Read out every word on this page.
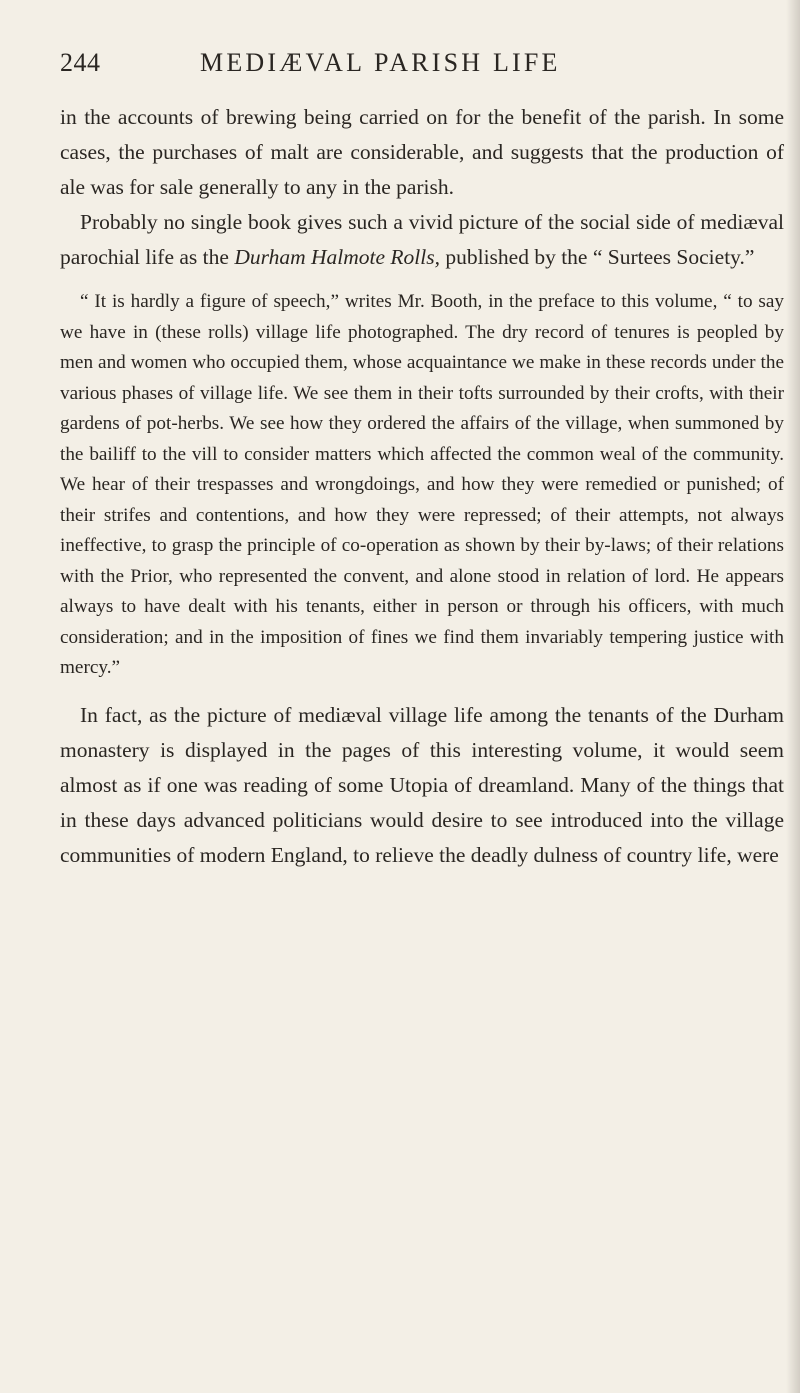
244	MEDIÆVAL PARISH LIFE

in the accounts of brewing being carried on for the benefit of the parish. In some cases, the purchases of malt are considerable, and suggests that the production of ale was for sale generally to any in the parish.

Probably no single book gives such a vivid picture of the social side of mediæval parochial life as the Durham Halmote Rolls, published by the “ Surtees Society.”

“ It is hardly a figure of speech,” writes Mr. Booth, in the preface to this volume, “ to say we have in (these rolls) village life photographed. The dry record of tenures is peopled by men and women who occupied them, whose acquaintance we make in these records under the various phases of village life. We see them in their tofts surrounded by their crofts, with their gardens of pot-herbs. We see how they ordered the affairs of the village, when summoned by the bailiff to the vill to consider matters which affected the common weal of the community. We hear of their trespasses and wrongdoings, and how they were remedied or punished; of their strifes and contentions, and how they were repressed; of their attempts, not always ineffective, to grasp the principle of co-operation as shown by their by-laws; of their relations with the Prior, who represented the convent, and alone stood in relation of lord. He appears always to have dealt with his tenants, either in person or through his officers, with much consideration; and in the imposition of fines we find them invariably tempering justice with mercy.”

In fact, as the picture of mediæval village life among the tenants of the Durham monastery is displayed in the pages of this interesting volume, it would seem almost as if one was reading of some Utopia of dreamland. Many of the things that in these days advanced politicians would desire to see introduced into the village communities of modern England, to relieve the deadly dulness of country life, were
